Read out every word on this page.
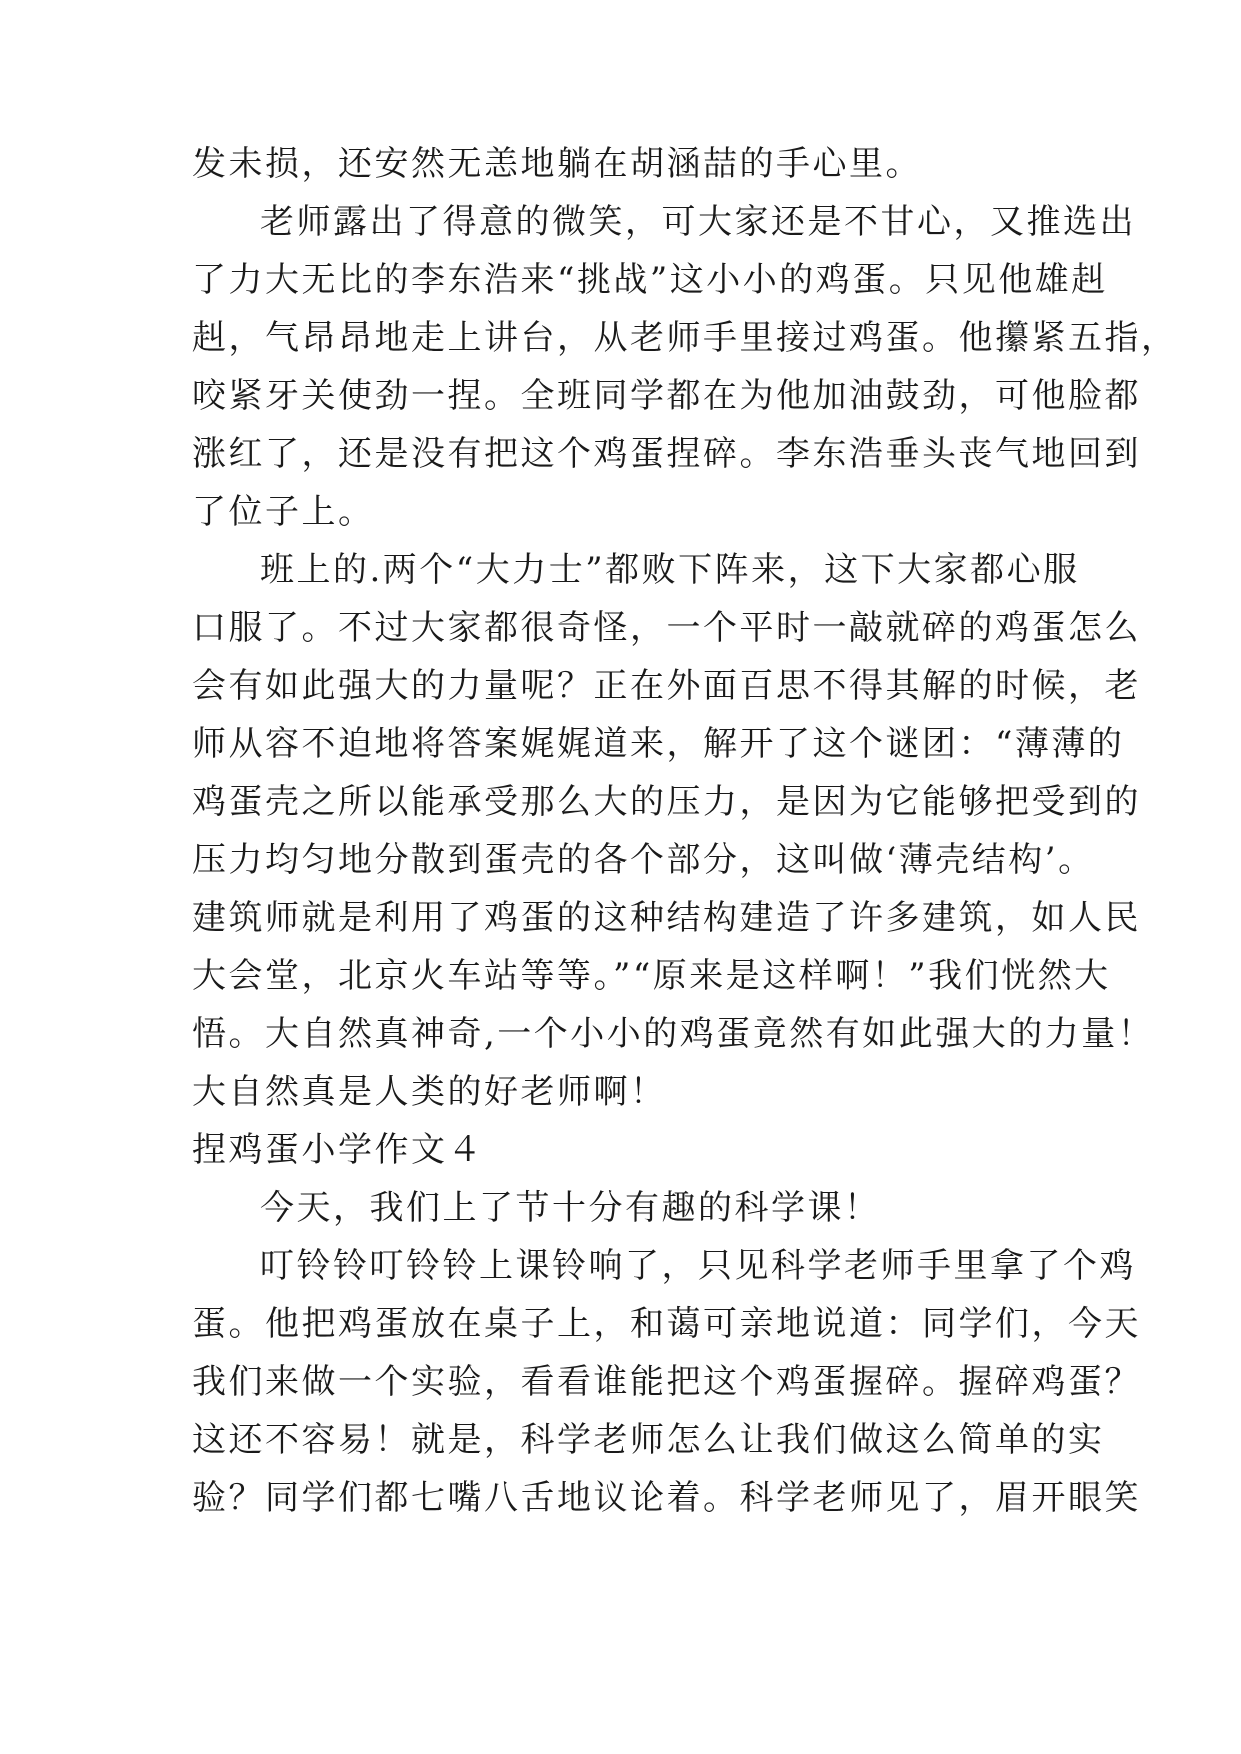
发未损，还安然无恙地躺在胡涵喆的手心里。
老师露出了得意的微笑，可大家还是不甘心，又推选出
了力大无比的李东浩来“挑战”这小小的鸡蛋。只见他雄赳
赳，气昂昂地走上讲台，从老师手里接过鸡蛋。他攥紧五指，
咬紧牙关使劲一捏。全班同学都在为他加油鼓劲，可他脸都
涨红了，还是没有把这个鸡蛋捏碎。李东浩垂头丧气地回到
了位子上。
班上的.两个“大力士”都败下阵来，这下大家都心服
口服了。不过大家都很奇怪，一个平时一敲就碎的鸡蛋怎么
会有如此强大的力量呢？正在外面百思不得其解的时候，老
师从容不迫地将答案娓娓道来，解开了这个谜团：“薄薄的
鸡蛋壳之所以能承受那么大的压力，是因为它能够把受到的
压力均匀地分散到蛋壳的各个部分，这叫做‘薄壳结构’。
建筑师就是利用了鸡蛋的这种结构建造了许多建筑，如人民
大会堂，北京火车站等等。”“原来是这样啊！”我们恍然大
悟。大自然真神奇,一个小小的鸡蛋竟然有如此强大的力量！
大自然真是人类的好老师啊！
捏鸡蛋小学作文４
今天，我们上了节十分有趣的科学课！
叮铃铃叮铃铃上课铃响了，只见科学老师手里拿了个鸡
蛋。他把鸡蛋放在桌子上，和蔼可亲地说道：同学们，今天
我们来做一个实验，看看谁能把这个鸡蛋握碎。握碎鸡蛋？
这还不容易！就是，科学老师怎么让我们做这么简单的实
验？同学们都七嘴八舌地议论着。科学老师见了，眉开眼笑
